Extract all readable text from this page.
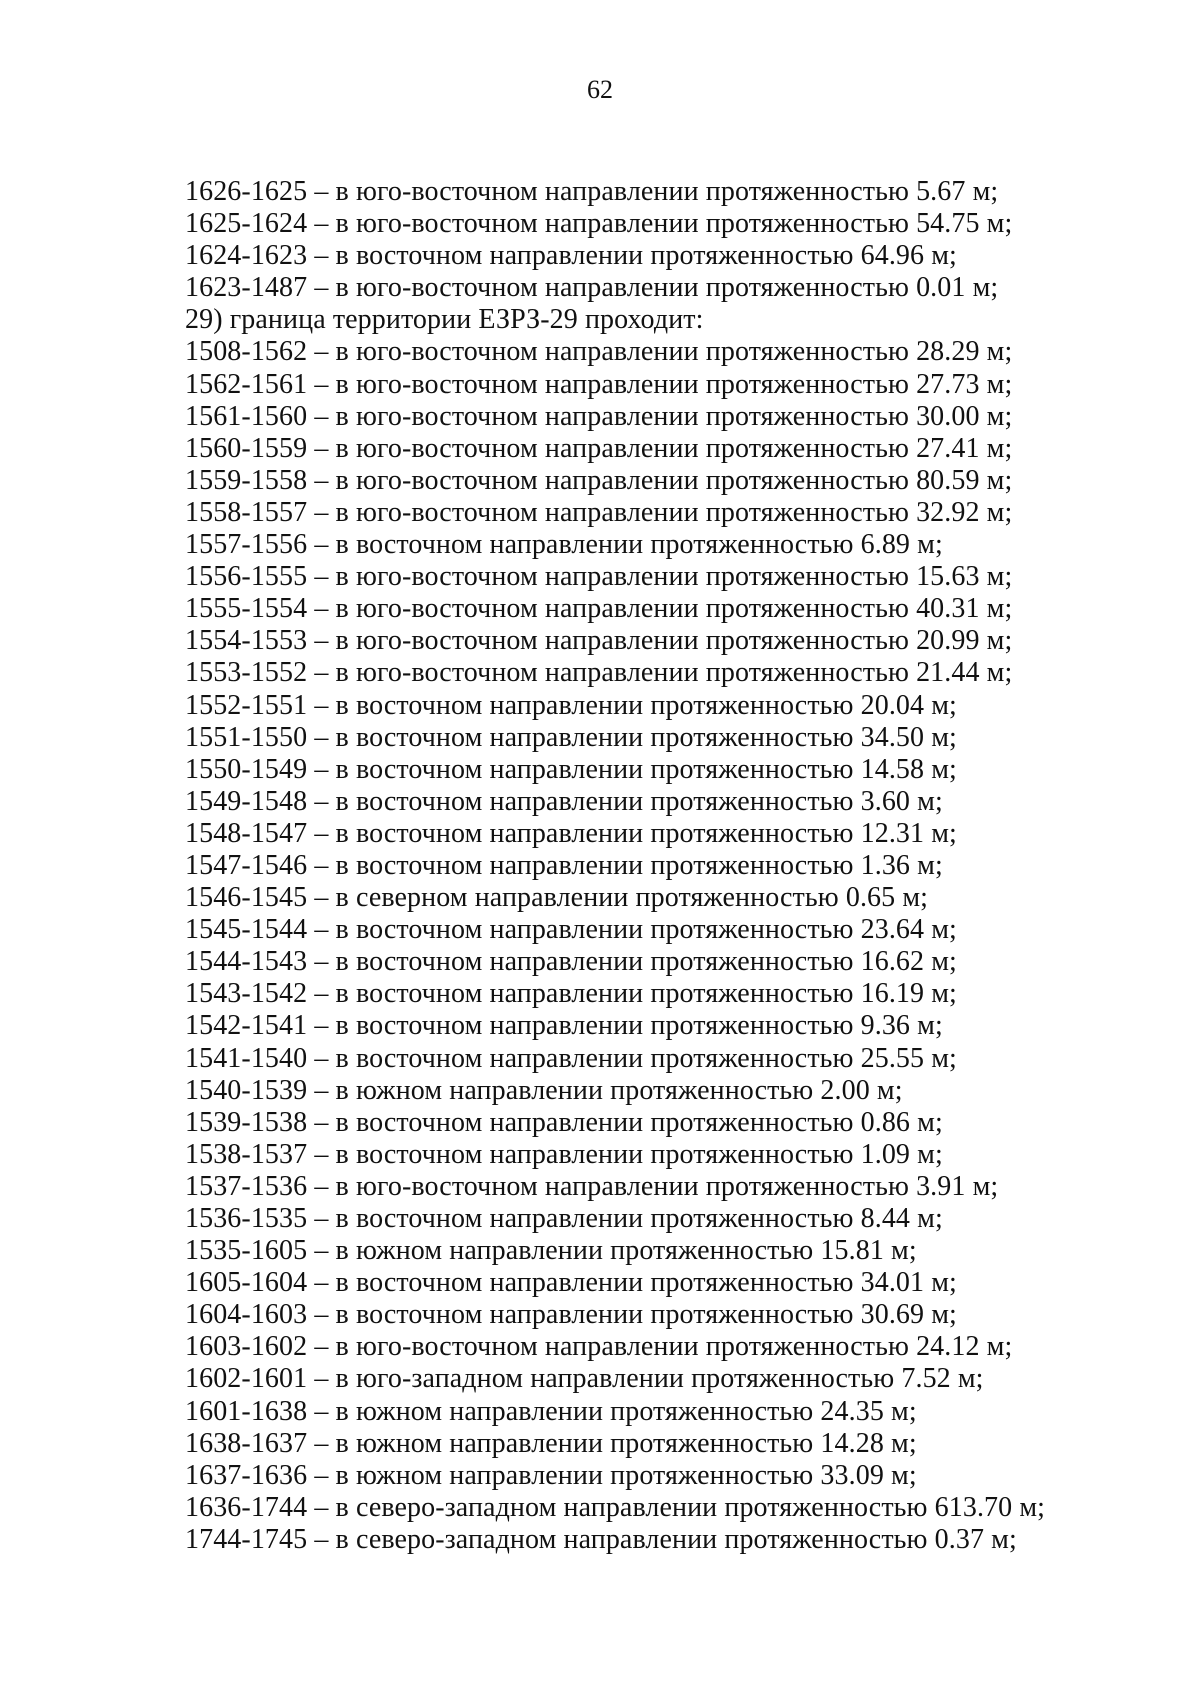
62
1626-1625 – в юго-восточном направлении протяженностью 5.67 м;
1625-1624 – в юго-восточном направлении протяженностью 54.75 м;
1624-1623 – в восточном направлении протяженностью 64.96 м;
1623-1487 – в юго-восточном направлении протяженностью 0.01 м;
29) граница территории ЕЗРЗ-29 проходит:
1508-1562 – в юго-восточном направлении протяженностью 28.29 м;
1562-1561 – в юго-восточном направлении протяженностью 27.73 м;
1561-1560 – в юго-восточном направлении протяженностью 30.00 м;
1560-1559 – в юго-восточном направлении протяженностью 27.41 м;
1559-1558 – в юго-восточном направлении протяженностью 80.59 м;
1558-1557 – в юго-восточном направлении протяженностью 32.92 м;
1557-1556 – в восточном направлении протяженностью 6.89 м;
1556-1555 – в юго-восточном направлении протяженностью 15.63 м;
1555-1554 – в юго-восточном направлении протяженностью 40.31 м;
1554-1553 – в юго-восточном направлении протяженностью 20.99 м;
1553-1552 – в юго-восточном направлении протяженностью 21.44 м;
1552-1551 – в восточном направлении протяженностью 20.04 м;
1551-1550 – в восточном направлении протяженностью 34.50 м;
1550-1549 – в восточном направлении протяженностью 14.58 м;
1549-1548 – в восточном направлении протяженностью 3.60 м;
1548-1547 – в восточном направлении протяженностью 12.31 м;
1547-1546 – в восточном направлении протяженностью 1.36 м;
1546-1545 – в северном направлении протяженностью 0.65 м;
1545-1544 – в восточном направлении протяженностью 23.64 м;
1544-1543 – в восточном направлении протяженностью 16.62 м;
1543-1542 – в восточном направлении протяженностью 16.19 м;
1542-1541 – в восточном направлении протяженностью 9.36 м;
1541-1540 – в восточном направлении протяженностью 25.55 м;
1540-1539 – в южном направлении протяженностью 2.00 м;
1539-1538 – в восточном направлении протяженностью 0.86 м;
1538-1537 – в восточном направлении протяженностью 1.09 м;
1537-1536 – в юго-восточном направлении протяженностью 3.91 м;
1536-1535 – в восточном направлении протяженностью 8.44 м;
1535-1605 – в южном направлении протяженностью 15.81 м;
1605-1604 – в восточном направлении протяженностью 34.01 м;
1604-1603 – в восточном направлении протяженностью 30.69 м;
1603-1602 – в юго-восточном направлении протяженностью 24.12 м;
1602-1601 – в юго-западном направлении протяженностью 7.52 м;
1601-1638 – в южном направлении протяженностью 24.35 м;
1638-1637 – в южном направлении протяженностью 14.28 м;
1637-1636 – в южном направлении протяженностью 33.09 м;
1636-1744 – в северо-западном направлении протяженностью 613.70 м;
1744-1745 – в северо-западном направлении протяженностью 0.37 м;
